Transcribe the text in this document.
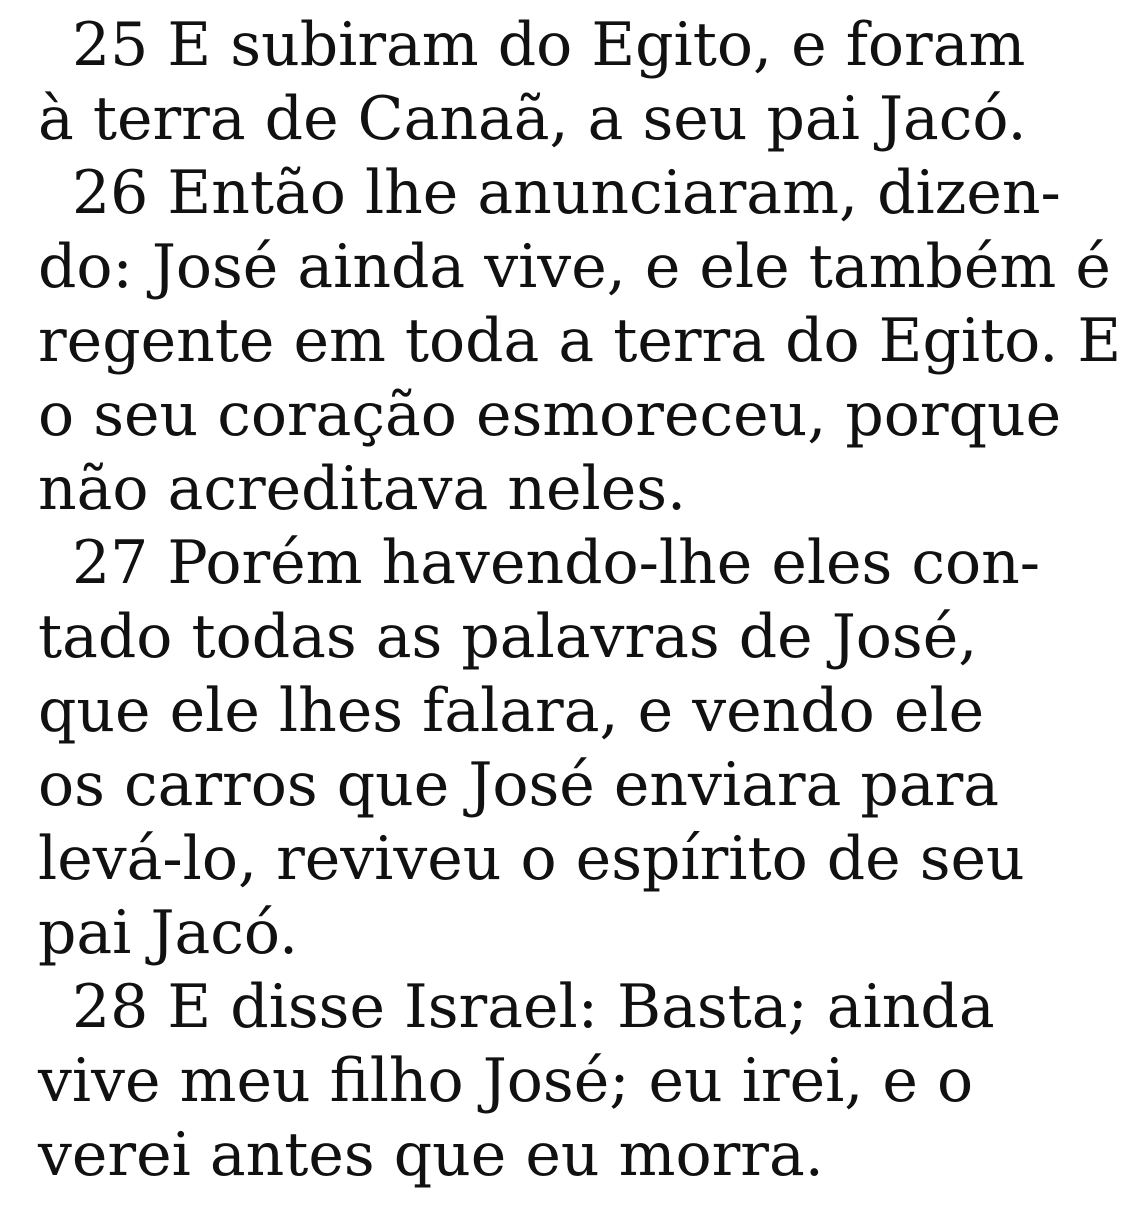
25 E subiram do Egito, e foram
à terra de Canaã, a seu pai Jacó.
26 Então lhe anunciaram, dizen-
do: José ainda vive, e ele também é
regente em toda a terra do Egito. E
o seu coração esmoreceu, porque
não acreditava neles.
27 Porém havendo-lhe eles con-
tado todas as palavras de José,
que ele lhes falara, e vendo ele
os carros que José enviara para
levá-lo, reviveu o espírito de seu
pai Jacó.
28 E disse Israel: Basta; ainda
vive meu filho José; eu irei, e o
verei antes que eu morra.
